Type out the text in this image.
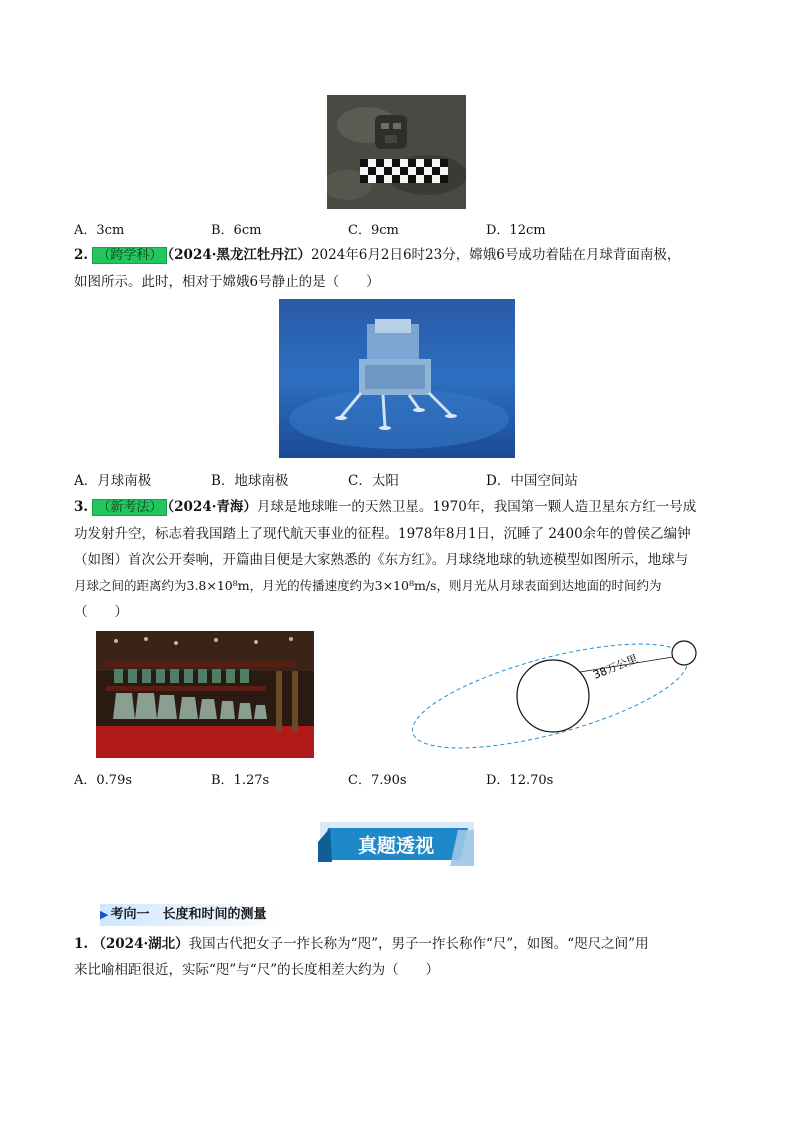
A．3cm	B．6cm	C．9cm	D．12cm
2. （跨学科） （2024·黑龙江牡丹江）2024年6月2日6时23分，嫦娥6号成功着陆在月球背面南极，
如图所示。此时，相对于嫦娥6号静止的是（　　）
A．月球南极	B．地球南极	C．太阳	D．中国空间站
3. （新考法） （2024·青海）月球是地球唯一的天然卫星。1970年，我国第一颗人造卫星东方红一号成
功发射升空，标志着我国踏上了现代航天事业的征程。1978年8月1日，沉睡了 2400余年的曾侯乙编钟
（如图）首次公开奏响，开篇曲目便是大家熟悉的《东方红》。月球绕地球的轨迹模型如图所示，地球与
月球之间的距离约为3.8×10⁸m，月光的传播速度约为3×10⁸m/s，则月光从月球表面到达地面的时间约为
（　　）
38万公里
A．0.79s	B．1.27s	C．7.90s	D．12.70s
真题透视
▶ 考向一　长度和时间的测量
1. （2024·湖北）我国古代把女子一拃长称为“咫”，男子一拃长称作“尺”，如图。“咫尺之间”用
来比喻相距很近，实际“咫”与“尺”的长度相差大约为（　　）
